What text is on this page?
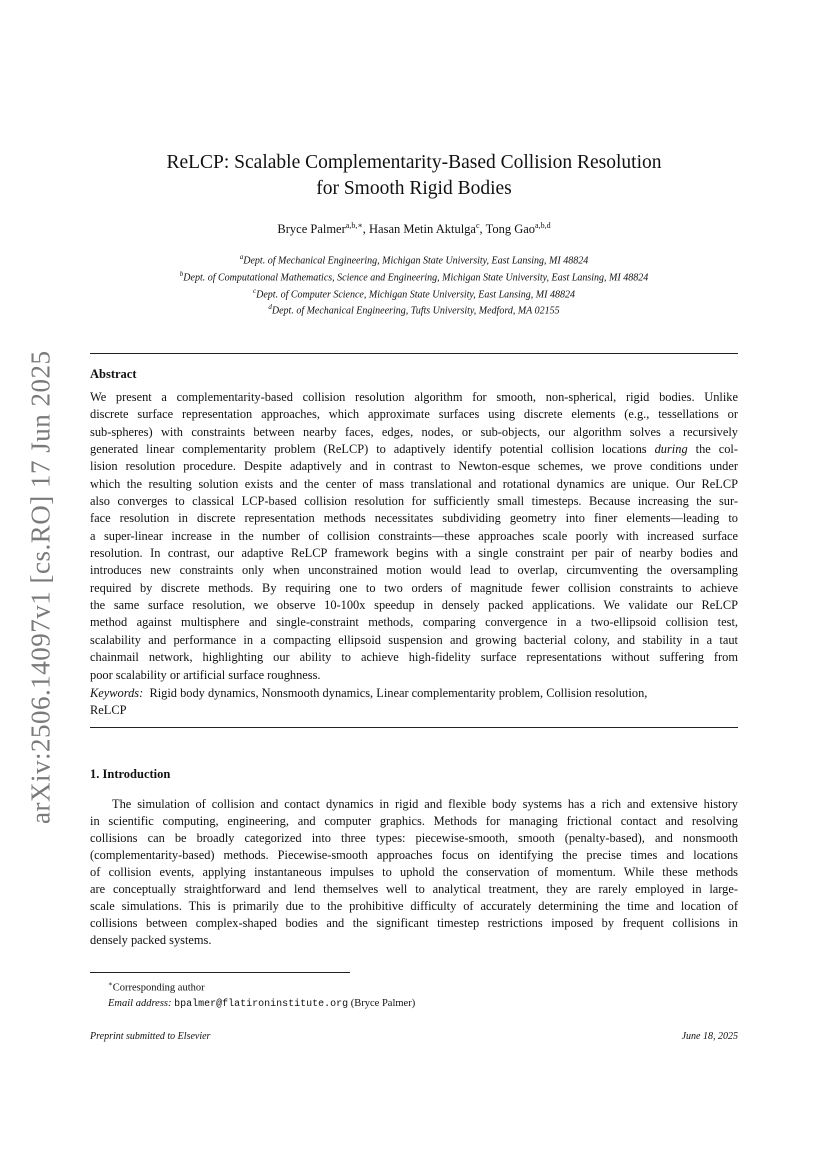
arXiv:2506.14097v1 [cs.RO] 17 Jun 2025
ReLCP: Scalable Complementarity-Based Collision Resolution
for Smooth Rigid Bodies
Bryce Palmer$^{a,b,∗}$, Hasan Metin Aktulga$^c$, Tong Gao$^{a,b,d}$
$^a$Dept. of Mechanical Engineering, Michigan State University, East Lansing, MI 48824
$^b$Dept. of Computational Mathematics, Science and Engineering, Michigan State University, East Lansing, MI 48824
$^c$Dept. of Computer Science, Michigan State University, East Lansing, MI 48824
$^d$Dept. of Mechanical Engineering, Tufts University, Medford, MA 02155
Abstract
We present a complementarity-based collision resolution algorithm for smooth, non-spherical, rigid bodies. Unlike
discrete surface representation approaches, which approximate surfaces using discrete elements (e.g., tessellations or
sub-spheres) with constraints between nearby faces, edges, nodes, or sub-objects, our algorithm solves a recursively
generated linear complementarity problem (ReLCP) to adaptively identify potential collision locations during the col-
lision resolution procedure. Despite adaptively and in contrast to Newton-esque schemes, we prove conditions under
which the resulting solution exists and the center of mass translational and rotational dynamics are unique. Our ReLCP
also converges to classical LCP-based collision resolution for sufficiently small timesteps. Because increasing the sur-
face resolution in discrete representation methods necessitates subdividing geometry into finer elements—leading to
a super-linear increase in the number of collision constraints—these approaches scale poorly with increased surface
resolution. In contrast, our adaptive ReLCP framework begins with a single constraint per pair of nearby bodies and
introduces new constraints only when unconstrained motion would lead to overlap, circumventing the oversampling
required by discrete methods. By requiring one to two orders of magnitude fewer collision constraints to achieve
the same surface resolution, we observe 10-100x speedup in densely packed applications. We validate our ReLCP
method against multisphere and single-constraint methods, comparing convergence in a two-ellipsoid collision test,
scalability and performance in a compacting ellipsoid suspension and growing bacterial colony, and stability in a taut
chainmail network, highlighting our ability to achieve high-fidelity surface representations without suffering from
poor scalability or artificial surface roughness.
Keywords: Rigid body dynamics, Nonsmooth dynamics, Linear complementarity problem, Collision resolution,
ReLCP
1. Introduction
The simulation of collision and contact dynamics in rigid and flexible body systems has a rich and extensive history
in scientific computing, engineering, and computer graphics. Methods for managing frictional contact and resolving
collisions can be broadly categorized into three types: piecewise-smooth, smooth (penalty-based), and nonsmooth
(complementarity-based) methods. Piecewise-smooth approaches focus on identifying the precise times and locations
of collision events, applying instantaneous impulses to uphold the conservation of momentum. While these methods
are conceptually straightforward and lend themselves well to analytical treatment, they are rarely employed in large-
scale simulations. This is primarily due to the prohibitive difficulty of accurately determining the time and location of
collisions between complex-shaped bodies and the significant timestep restrictions imposed by frequent collisions in
densely packed systems.
∗Corresponding author
Email address: bpalmer@flatironinstitute.org (Bryce Palmer)
Preprint submitted to Elsevier	June 18, 2025
